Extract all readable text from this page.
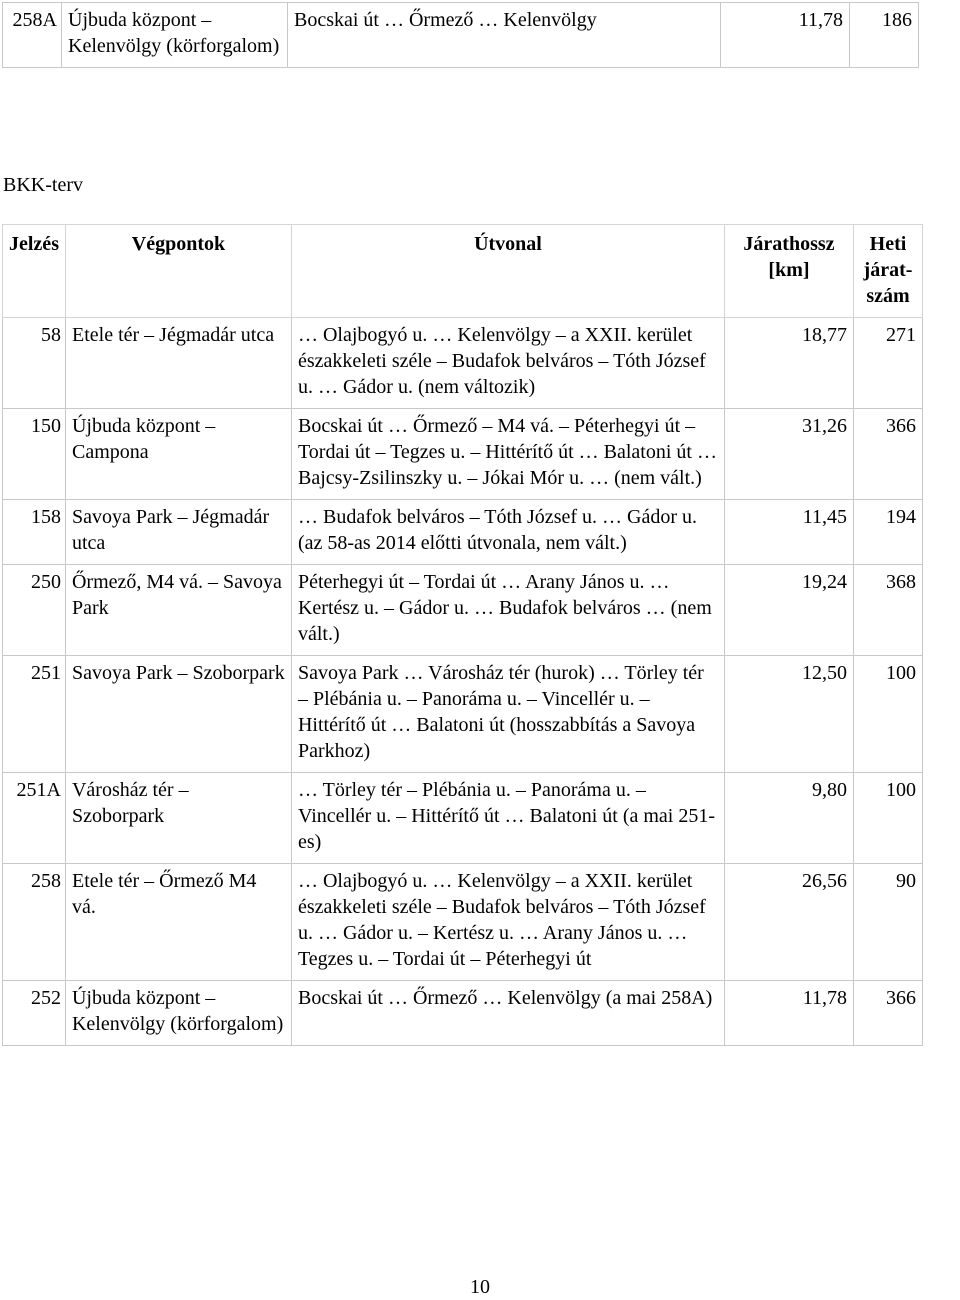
258A	Újbuda központ – Kelenvölgy (körforgalom)	Bocskai út … Őrmező … Kelenvölgy	11,78	186

BKK-terv
Jelzés	Végpontok	Útvonal	Járathossz [km]	Heti járat-szám
58	Etele tér – Jégmadár utca	… Olajbogyó u. … Kelenvölgy – a XXII. kerület északkeleti széle – Budafok belváros – Tóth József u. … Gádor u. (nem változik)	18,77	271
150	Újbuda központ – Campona	Bocskai út … Őrmező – M4 vá. – Péterhegyi út – Tordai út – Tegzes u. – Hittérítő út … Balatoni út … Bajcsy-Zsilinszky u. – Jókai Mór u. … (nem vált.)	31,26	366
158	Savoya Park – Jégmadár utca	… Budafok belváros – Tóth József u. … Gádor u. (az 58-as 2014 előtti útvonala, nem vált.)	11,45	194
250	Őrmező, M4 vá. – Savoya Park	Péterhegyi út – Tordai út … Arany János u. … Kertész u. – Gádor u. … Budafok belváros … (nem vált.)	19,24	368
251	Savoya Park – Szoborpark	Savoya Park … Városház tér (hurok) … Törley tér – Plébánia u. – Panoráma u. – Vincellér u. – Hittérítő út … Balatoni út (hosszabbítás a Savoya Parkhoz)	12,50	100
251A	Városház tér – Szoborpark	… Törley tér – Plébánia u. – Panoráma u. – Vincellér u. – Hittérítő út … Balatoni út (a mai 251-es)	9,80	100
258	Etele tér – Őrmező M4 vá.	… Olajbogyó u. … Kelenvölgy – a XXII. kerület északkeleti széle – Budafok belváros – Tóth József u. … Gádor u. – Kertész u. … Arany János u. … Tegzes u. – Tordai út – Péterhegyi út	26,56	90
252	Újbuda központ – Kelenvölgy (körforgalom)	Bocskai út … Őrmező … Kelenvölgy (a mai 258A)	11,78	366
10
